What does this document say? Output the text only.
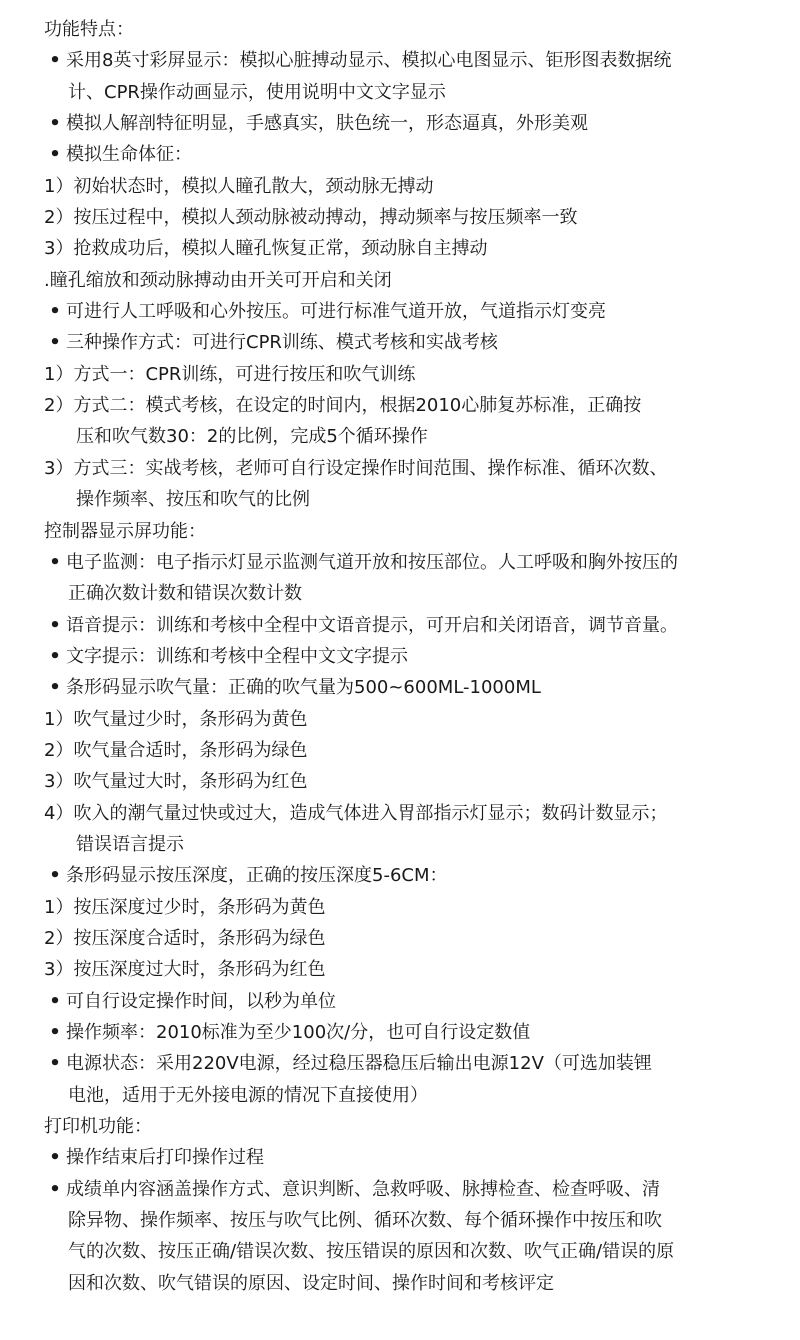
功能特点：
• 采用8英寸彩屏显示：模拟心脏搏动显示、模拟心电图显示、钜形图表数据统
计、CPR操作动画显示，使用说明中文文字显示
• 模拟人解剖特征明显，手感真实，肤色统一，形态逼真，外形美观
• 模拟生命体征：
1）初始状态时，模拟人瞳孔散大，颈动脉无搏动
2）按压过程中，模拟人颈动脉被动搏动，搏动频率与按压频率一致
3）抢救成功后，模拟人瞳孔恢复正常，颈动脉自主搏动
.瞳孔缩放和颈动脉搏动由开关可开启和关闭
• 可进行人工呼吸和心外按压。可进行标准气道开放，气道指示灯变亮
• 三种操作方式：可进行CPR训练、模式考核和实战考核
1）方式一：CPR训练，可进行按压和吹气训练
2）方式二：模式考核，在设定的时间内，根据2010心肺复苏标准，正确按
压和吹气数30：2的比例，完成5个循环操作
3）方式三：实战考核，老师可自行设定操作时间范围、操作标准、循环次数、
操作频率、按压和吹气的比例
控制器显示屏功能：
• 电子监测：电子指示灯显示监测气道开放和按压部位。人工呼吸和胸外按压的
正确次数计数和错误次数计数
• 语音提示：训练和考核中全程中文语音提示，可开启和关闭语音，调节音量。
• 文字提示：训练和考核中全程中文文字提示
• 条形码显示吹气量：正确的吹气量为500~600ML-1000ML
1）吹气量过少时，条形码为黄色
2）吹气量合适时，条形码为绿色
3）吹气量过大时，条形码为红色
4）吹入的潮气量过快或过大，造成气体进入胃部指示灯显示；数码计数显示；
错误语言提示
• 条形码显示按压深度，正确的按压深度5-6CM：
1）按压深度过少时，条形码为黄色
2）按压深度合适时，条形码为绿色
3）按压深度过大时，条形码为红色
• 可自行设定操作时间，以秒为单位
• 操作频率：2010标准为至少100次/分，也可自行设定数值
• 电源状态：采用220V电源，经过稳压器稳压后输出电源12V（可选加装锂
电池，适用于无外接电源的情况下直接使用）
打印机功能：
• 操作结束后打印操作过程
• 成绩单内容涵盖操作方式、意识判断、急救呼吸、脉搏检查、检查呼吸、清
除异物、操作频率、按压与吹气比例、循环次数、每个循环操作中按压和吹
气的次数、按压正确/错误次数、按压错误的原因和次数、吹气正确/错误的原
因和次数、吹气错误的原因、设定时间、操作时间和考核评定
